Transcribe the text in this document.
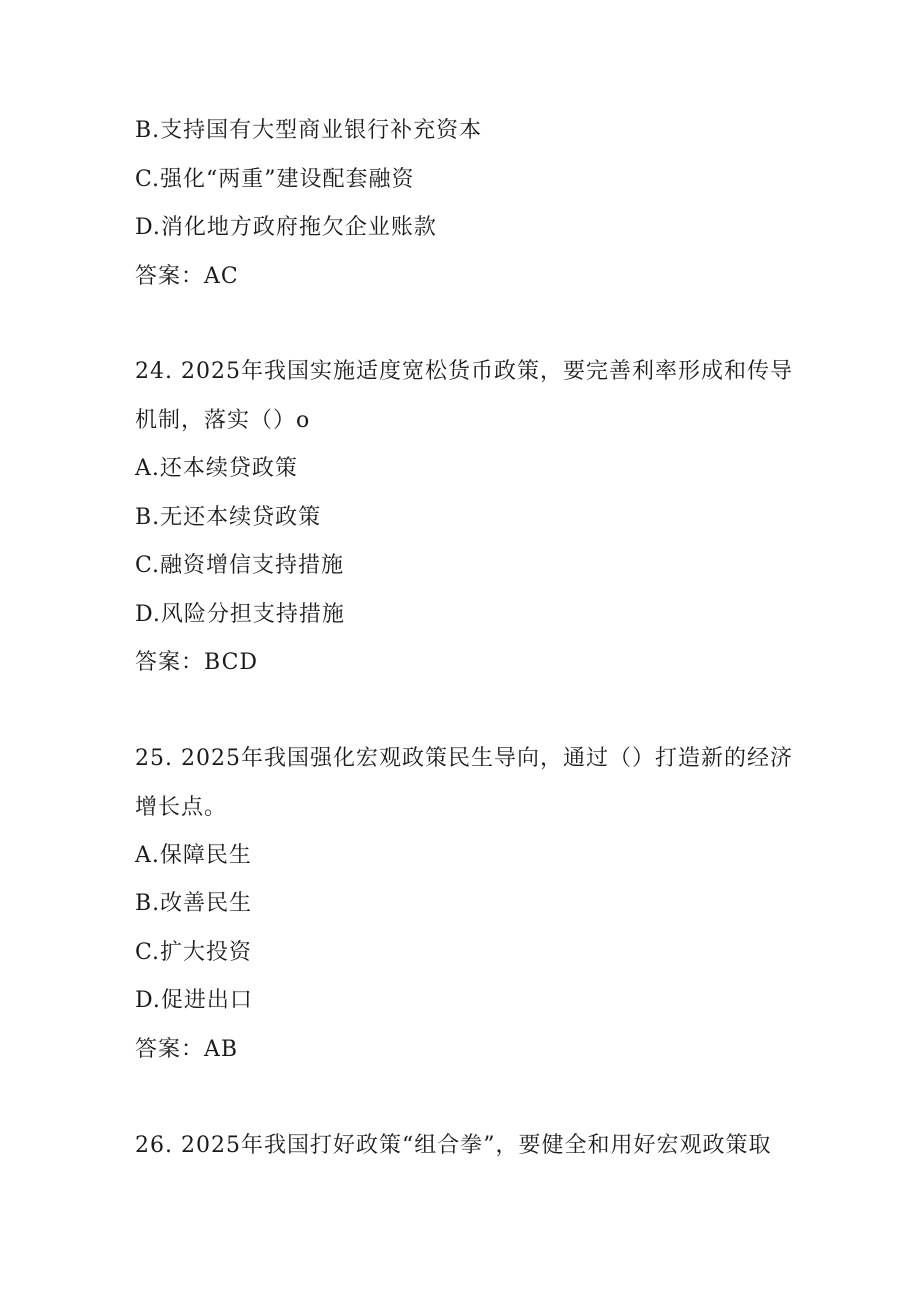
B.支持国有大型商业银行补充资本
C.强化“两重”建设配套融资
D.消化地方政府拖欠企业账款
答案：AC
24. 2025年我国实施适度宽松货币政策，要完善利率形成和传导
机制，落实（）o
A.还本续贷政策
B.无还本续贷政策
C.融资增信支持措施
D.风险分担支持措施
答案：BCD
25. 2025年我国强化宏观政策民生导向，通过（）打造新的经济
增长点。
A.保障民生
B.改善民生
C.扩大投资
D.促进出口
答案：AB
26. 2025年我国打好政策“组合拳”，要健全和用好宏观政策取
